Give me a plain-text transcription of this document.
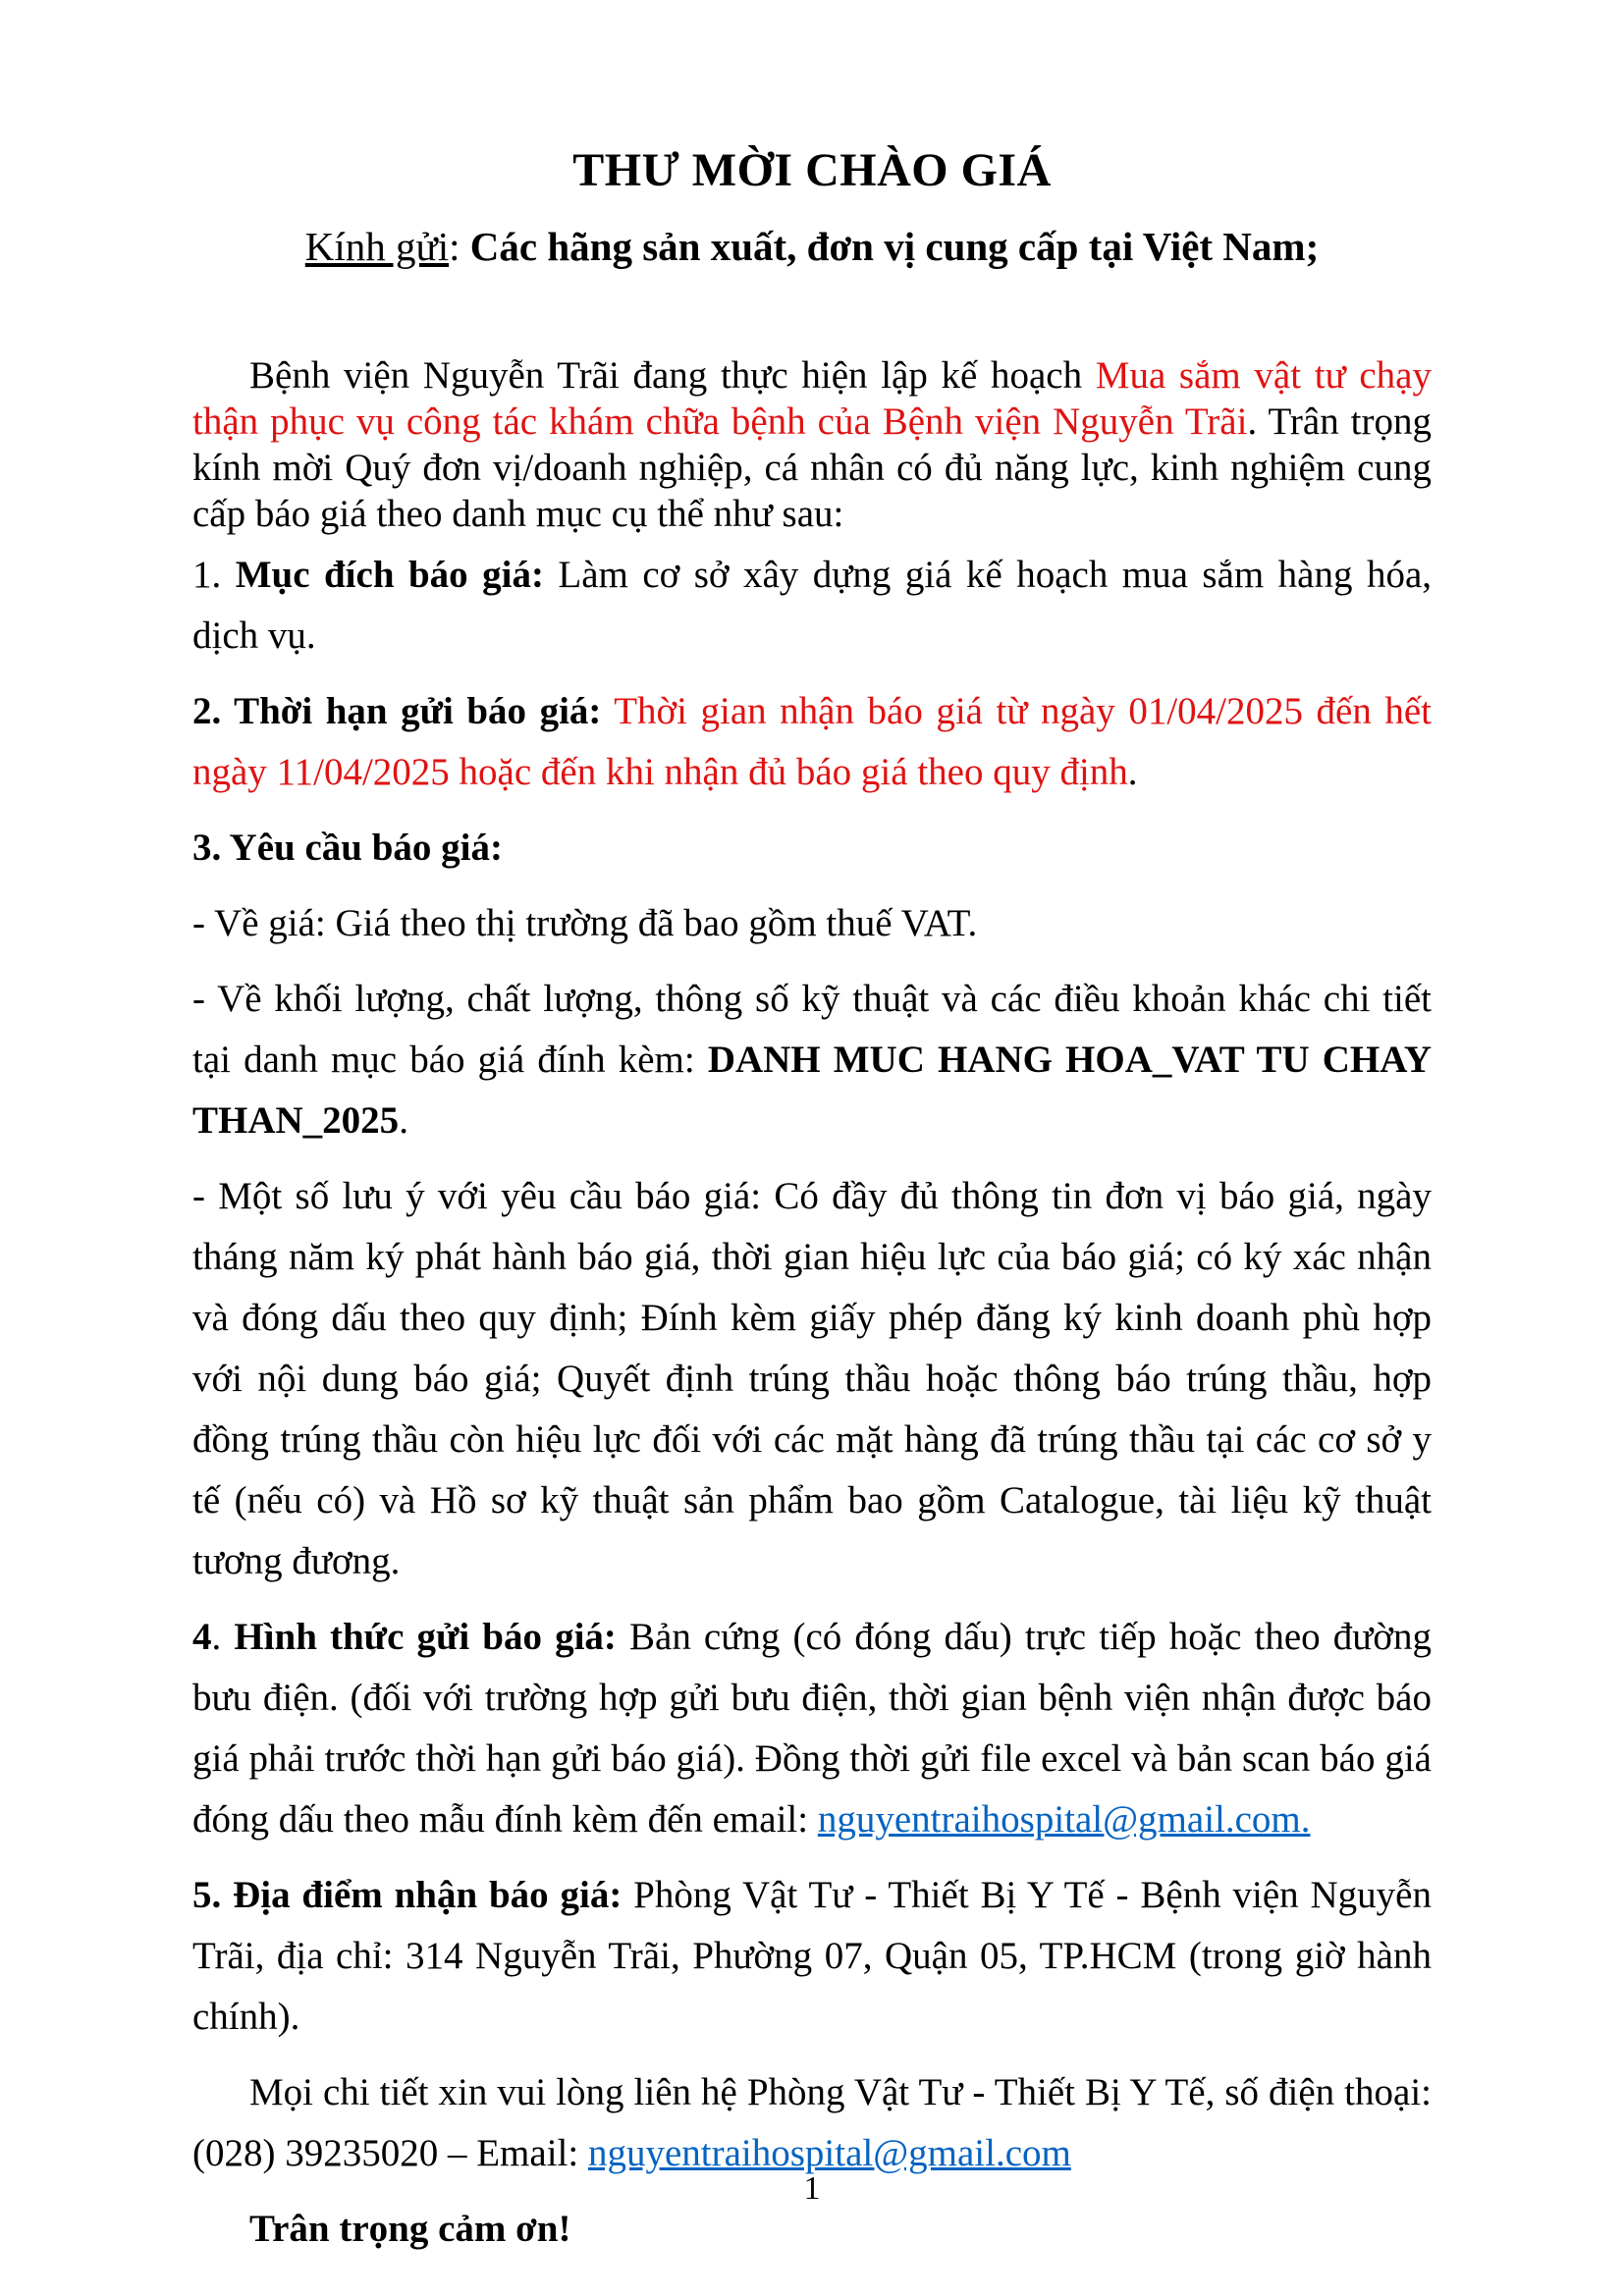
THƯ MỜI CHÀO GIÁ

Kính gửi: Các hãng sản xuất, đơn vị cung cấp tại Việt Nam;

Bệnh viện Nguyễn Trãi đang thực hiện lập kế hoạch Mua sắm vật tư chạy thận phục vụ công tác khám chữa bệnh của Bệnh viện Nguyễn Trãi. Trân trọng kính mời Quý đơn vị/doanh nghiệp, cá nhân có đủ năng lực, kinh nghiệm cung cấp báo giá theo danh mục cụ thể như sau:

1. Mục đích báo giá: Làm cơ sở xây dựng giá kế hoạch mua sắm hàng hóa, dịch vụ.

2. Thời hạn gửi báo giá: Thời gian nhận báo giá từ ngày 01/04/2025 đến hết ngày 11/04/2025 hoặc đến khi nhận đủ báo giá theo quy định.

3. Yêu cầu báo giá:

- Về giá: Giá theo thị trường đã bao gồm thuế VAT.

- Về khối lượng, chất lượng, thông số kỹ thuật và các điều khoản khác chi tiết tại danh mục báo giá đính kèm: DANH MUC HANG HOA_VAT TU CHAY THAN_2025.

- Một số lưu ý với yêu cầu báo giá: Có đầy đủ thông tin đơn vị báo giá, ngày tháng năm ký phát hành báo giá, thời gian hiệu lực của báo giá; có ký xác nhận và đóng dấu theo quy định; Đính kèm giấy phép đăng ký kinh doanh phù hợp với nội dung báo giá; Quyết định trúng thầu hoặc thông báo trúng thầu, hợp đồng trúng thầu còn hiệu lực đối với các mặt hàng đã trúng thầu tại các cơ sở y tế (nếu có) và Hồ sơ kỹ thuật sản phẩm bao gồm Catalogue, tài liệu kỹ thuật tương đương.

4. Hình thức gửi báo giá: Bản cứng (có đóng dấu) trực tiếp hoặc theo đường bưu điện. (đối với trường hợp gửi bưu điện, thời gian bệnh viện nhận được báo giá phải trước thời hạn gửi báo giá). Đồng thời gửi file excel và bản scan báo giá đóng dấu theo mẫu đính kèm đến email: nguyentraihospital@gmail.com.

5. Địa điểm nhận báo giá: Phòng Vật Tư - Thiết Bị Y Tế - Bệnh viện Nguyễn Trãi, địa chỉ: 314 Nguyễn Trãi, Phường 07, Quận 05, TP.HCM (trong giờ hành chính).

Mọi chi tiết xin vui lòng liên hệ Phòng Vật Tư - Thiết Bị Y Tế, số điện thoại: (028) 39235020 – Email: nguyentraihospital@gmail.com

Trân trọng cảm ơn!

1
